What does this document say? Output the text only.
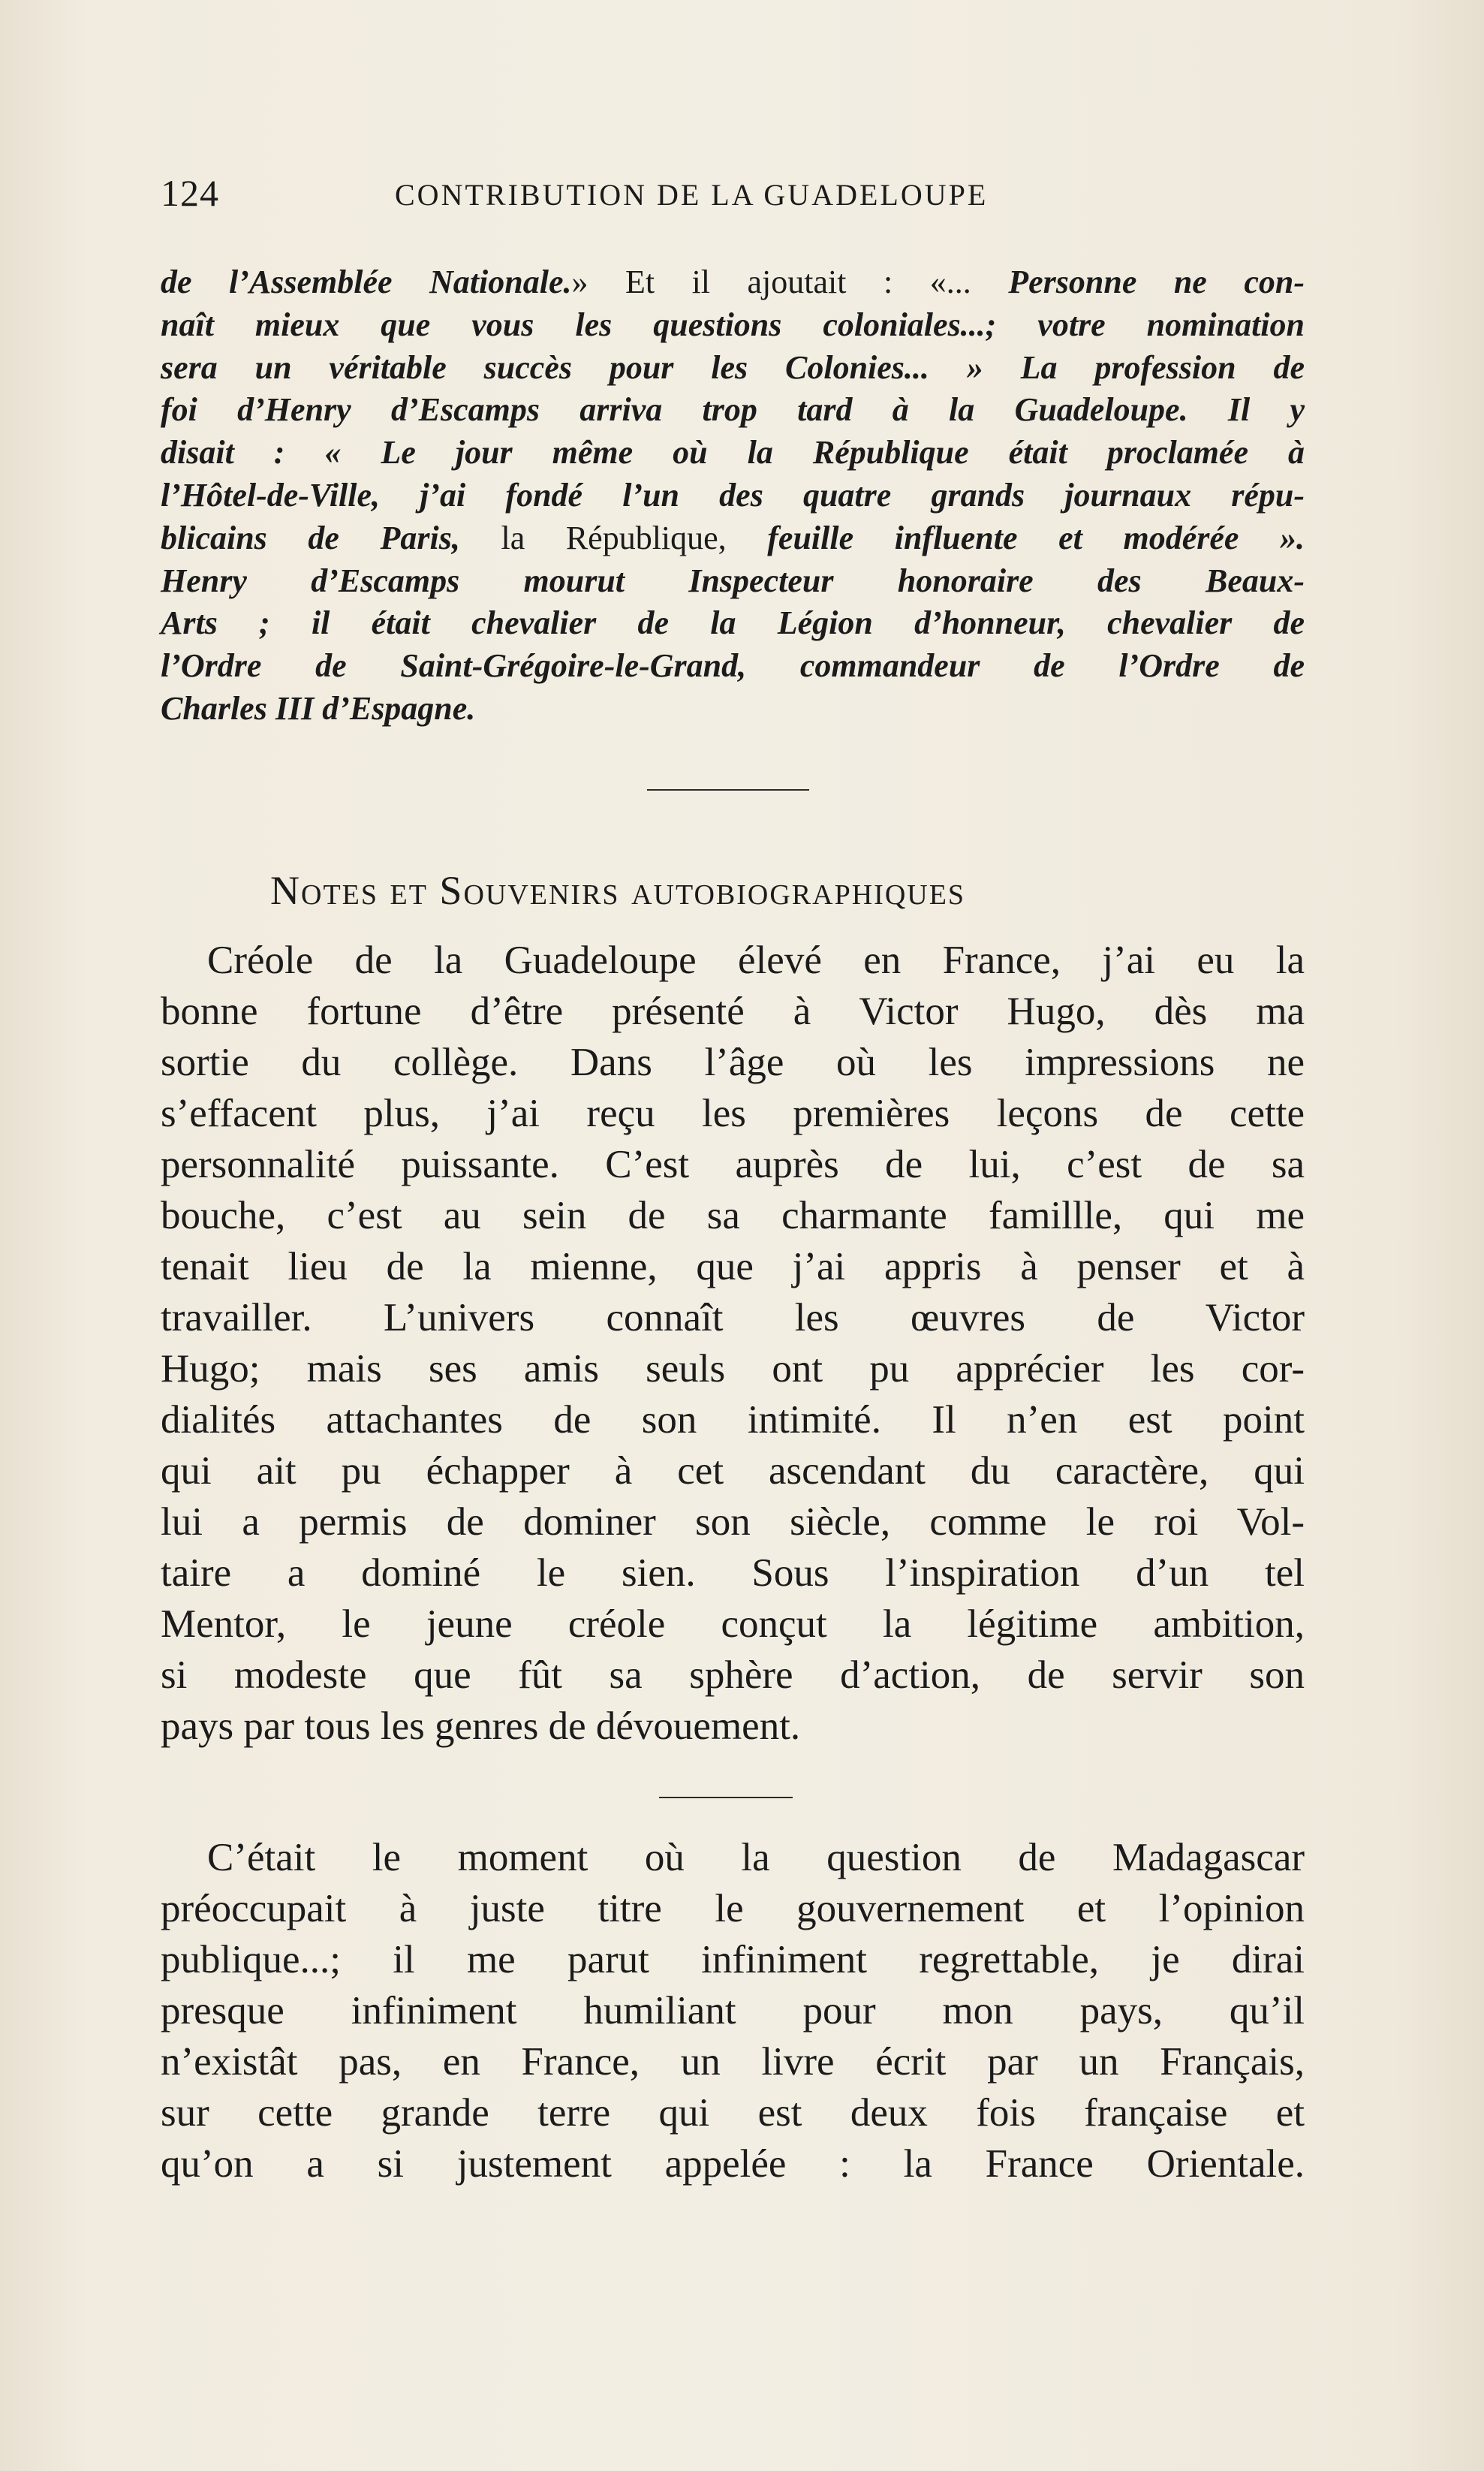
124	CONTRIBUTION DE LA GUADELOUPE
de l’Assemblée Nationale.» Et il ajoutait : «... Personne ne con-
naît mieux que vous les questions coloniales...; votre nomination
sera un véritable succès pour les Colonies... » La profession de
foi d’Henry d’Escamps arriva trop tard à la Guadeloupe. Il y
disait : « Le jour même où la République était proclamée à
l’Hôtel-de-Ville, j’ai fondé l’un des quatre grands journaux répu-
blicains de Paris, la République, feuille influente et modérée ».
Henry d’Escamps mourut Inspecteur honoraire des Beaux-
Arts ; il était chevalier de la Légion d’honneur, chevalier de
l’Ordre de Saint-Grégoire-le-Grand, commandeur de l’Ordre de
Charles III d’Espagne.
Notes et Souvenirs autobiographiques
Créole de la Guadeloupe élevé en France, j’ai eu la
bonne fortune d’être présenté à Victor Hugo, dès ma
sortie du collège. Dans l’âge où les impressions ne
s’effacent plus, j’ai reçu les premières leçons de cette
personnalité puissante. C’est auprès de lui, c’est de sa
bouche, c’est au sein de sa charmante famillle, qui me
tenait lieu de la mienne, que j’ai appris à penser et à
travailler. L’univers connaît les œuvres de Victor
Hugo; mais ses amis seuls ont pu apprécier les cor-
dialités attachantes de son intimité. Il n’en est point
qui ait pu échapper à cet ascendant du caractère, qui
lui a permis de dominer son siècle, comme le roi Vol-
taire a dominé le sien. Sous l’inspiration d’un tel
Mentor, le jeune créole conçut la légitime ambition,
si modeste que fût sa sphère d’action, de servir son
pays par tous les genres de dévouement.
C’était le moment où la question de Madagascar
préoccupait à juste titre le gouvernement et l’opinion
publique...; il me parut infiniment regrettable, je dirai
presque infiniment humiliant pour mon pays, qu’il
n’existât pas, en France, un livre écrit par un Français,
sur cette grande terre qui est deux fois française et
qu’on a si justement appelée : la France Orientale.
